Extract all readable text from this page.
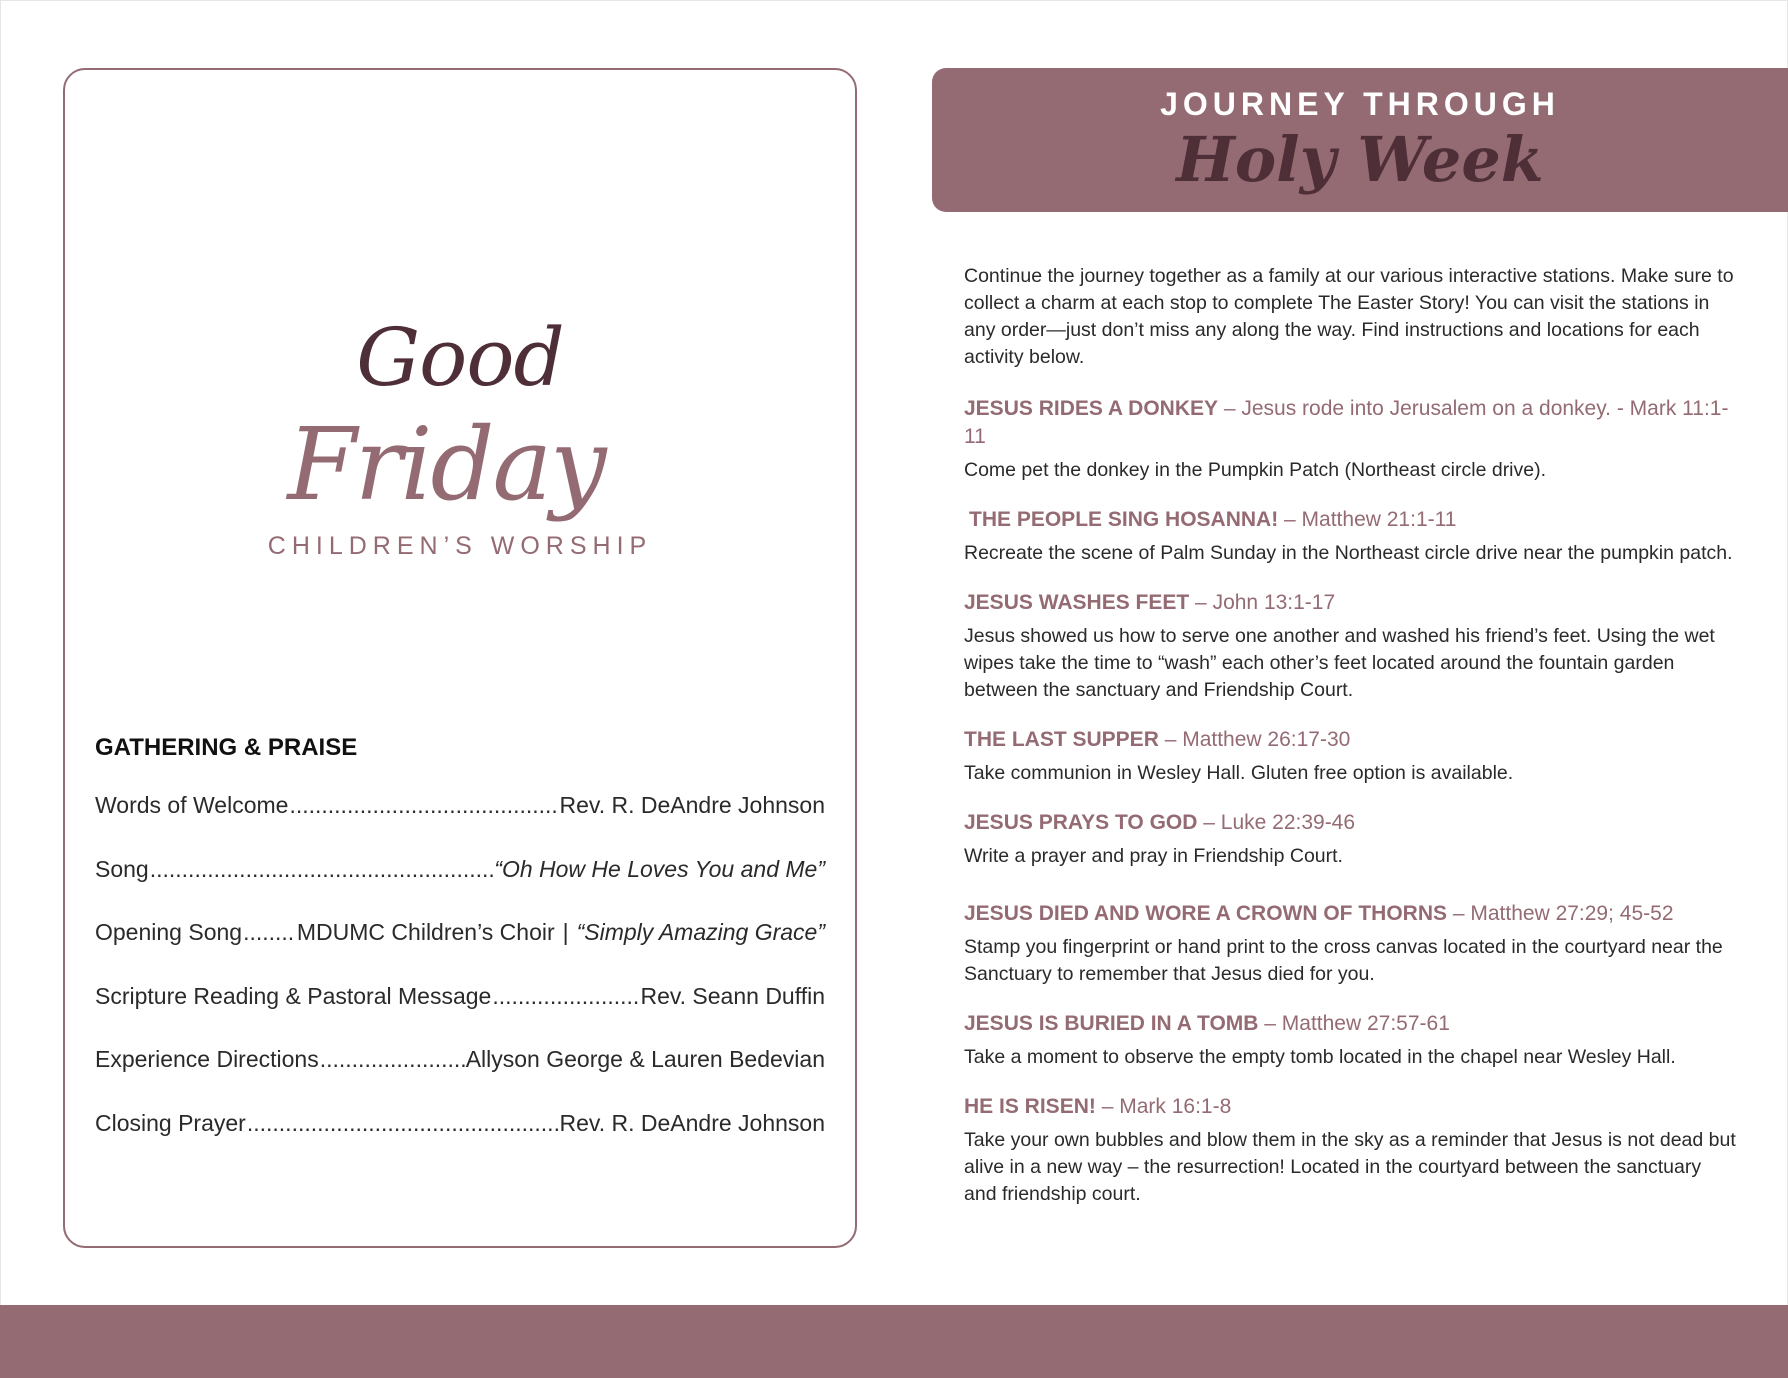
Good
Friday
CHILDREN’S WORSHIP
GATHERING & PRAISE
Words of Welcome .....	Rev. R. DeAndre Johnson
Song .....	“Oh How He Loves You and Me”
Opening Song ..... MDUMC Children’s Choir | “Simply Amazing Grace”
Scripture Reading & Pastoral Message .....	Rev. Seann Duffin
Experience Directions .....	Allyson George & Lauren Bedevian
Closing Prayer .....	Rev. R. DeAndre Johnson
JOURNEY THROUGH
Holy Week

Continue the journey together as a family at our various interactive stations. Make sure to collect a charm at each stop to complete The Easter Story! You can visit the stations in any order—just don’t miss any along the way. Find instructions and locations for each activity below.

JESUS RIDES A DONKEY – Jesus rode into Jerusalem on a donkey. - Mark 11:1-11

Come pet the donkey in the Pumpkin Patch (Northeast circle drive).

THE PEOPLE SING HOSANNA! – Matthew 21:1-11

Recreate the scene of Palm Sunday in the Northeast circle drive near the pumpkin patch.

JESUS WASHES FEET – John 13:1-17

Jesus showed us how to serve one another and washed his friend’s feet. Using the wet wipes take the time to “wash” each other’s feet located around the fountain garden between the sanctuary and Friendship Court.

THE LAST SUPPER – Matthew 26:17-30

Take communion in Wesley Hall. Gluten free option is available.

JESUS PRAYS TO GOD – Luke 22:39-46

Write a prayer and pray in Friendship Court.

JESUS DIED AND WORE A CROWN OF THORNS – Matthew 27:29; 45-52

Stamp you fingerprint or hand print to the cross canvas located in the courtyard near the Sanctuary to remember that Jesus died for you.

JESUS IS BURIED IN A TOMB – Matthew 27:57-61

Take a moment to observe the empty tomb located in the chapel near Wesley Hall.

HE IS RISEN! – Mark 16:1-8

Take your own bubbles and blow them in the sky as a reminder that Jesus is not dead but alive in a new way – the resurrection! Located in the courtyard between the sanctuary and friendship court.
